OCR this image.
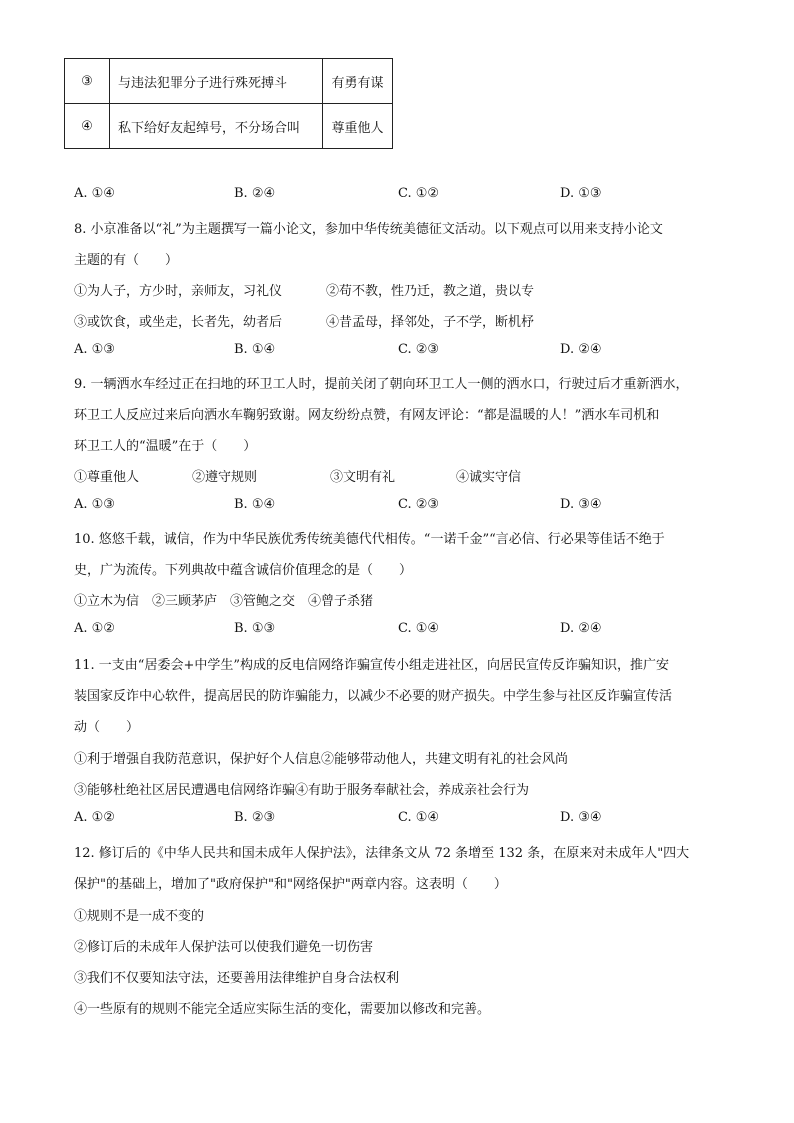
③	与违法犯罪分子进行殊死搏斗	有勇有谋
④	私下给好友起绰号，不分场合叫	尊重他人
A. ①④	B. ②④	C. ①②	D. ①③
8. 小京准备以“礼”为主题撰写一篇小论文，参加中华传统美德征文活动。以下观点可以用来支持小论文
主题的有（　　）
①为人子，方少时，亲师友，习礼仪	②苟不教，性乃迁，教之道，贵以专
③或饮食，或坐走，长者先，幼者后	④昔孟母，择邻处，子不学，断机杼
A. ①③	B. ①④	C. ②③	D. ②④
9. 一辆洒水车经过正在扫地的环卫工人时，提前关闭了朝向环卫工人一侧的洒水口，行驶过后才重新洒水，
环卫工人反应过来后向洒水车鞠躬致谢。网友纷纷点赞，有网友评论：“都是温暖的人！”洒水车司机和
环卫工人的“温暖”在于（　　）
①尊重他人	②遵守规则	③文明有礼	④诚实守信
A. ①③	B. ①④	C. ②③	D. ③④
10. 悠悠千载，诚信，作为中华民族优秀传统美德代代相传。“一诺千金”“言必信、行必果等佳话不绝于
史，广为流传。下列典故中蕴含诚信价值理念的是（　　）
①立木为信　②三顾茅庐　③管鲍之交　④曾子杀猪
A. ①②	B. ①③	C. ①④	D. ②④
11. 一支由“居委会+中学生”构成的反电信网络诈骗宣传小组走进社区，向居民宣传反诈骗知识，推广安
装国家反诈中心软件，提高居民的防诈骗能力，以减少不必要的财产损失。中学生参与社区反诈骗宣传活
动（　　）
①利于增强自我防范意识，保护好个人信息②能够带动他人，共建文明有礼的社会风尚
③能够杜绝社区居民遭遇电信网络诈骗④有助于服务奉献社会，养成亲社会行为
A. ①②	B. ②③	C. ①④	D. ③④
12. 修订后的《中华人民共和国未成年人保护法》，法律条文从 72 条增至 132 条，在原来对未成年人"四大
保护"的基础上，增加了"政府保护"和"网络保护"两章内容。这表明（　　）
①规则不是一成不变的
②修订后的未成年人保护法可以使我们避免一切伤害
③我们不仅要知法守法，还要善用法律维护自身合法权利
④一些原有的规则不能完全适应实际生活的变化，需要加以修改和完善。
